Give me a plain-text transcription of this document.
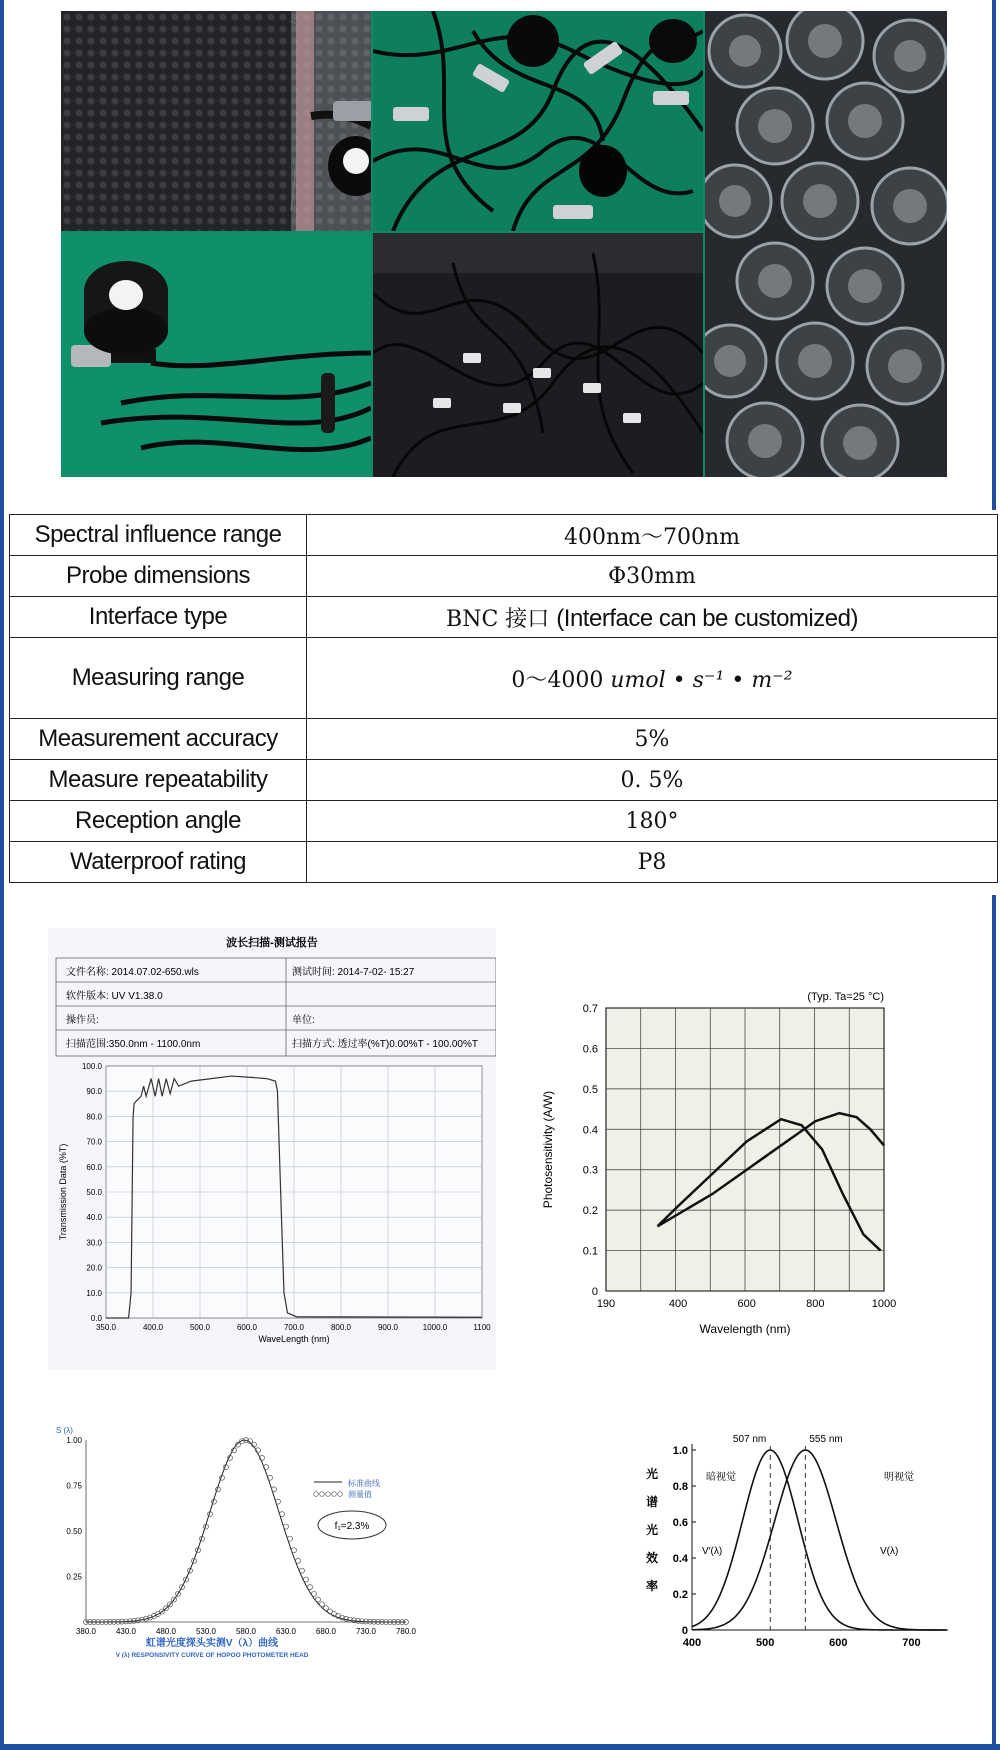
Spectral influence range	400nm～700nm
Probe dimensions	Φ30mm
Interface type	BNC 接口 (Interface can be customized)
Measuring range	0～4000 umol • s⁻¹ • m⁻²
Measurement accuracy	5%
Measure repeatability	0. 5%
Reception angle	180°
Waterproof rating	P8
波长扫描-测试报告
文件名称: 2014.07.02-650.wls	测试时间: 2014-7-02- 15:27
软件版本: UV V1.38.0
操作员:	单位:
扫描范围:350.0nm - 1100.0nm	扫描方式: 透过率(%T)0.00%T - 100.00%T
0.0
10.0
20.0
30.0
40.0
50.0
60.0
70.0
80.0
90.0
100.0
350.0	400.0	500.0	600.0	700.0	800.0	900.0	1000.0	1100
WaveLength (nm)
Transmission Data (%T)
0
0.1
0.2
0.3
0.4
0.5
0.6
0.7
190	400	600	800	1000
(Typ. Ta=25 °C)
Wavelength (nm)
Photosensitivity (A/W)
S (λ)
1.00
0.75
0.50
0.25
380.0 430.0 480.0 530.0 580.0 630.0 680.0 730.0 780.0
标准曲线
测量值
f₁=2.3%
虹谱光度探头实测V（λ）曲线
V (λ) RESPONSIVITY CURVE OF HOPOO PHOTOMETER HEAD
0
0.2
0.4
0.6
0.8
1.0
400	500	600	700
光
谱
光
效
率
507 nm	555 nm
暗视觉	明视觉
V′(λ)	V(λ)
